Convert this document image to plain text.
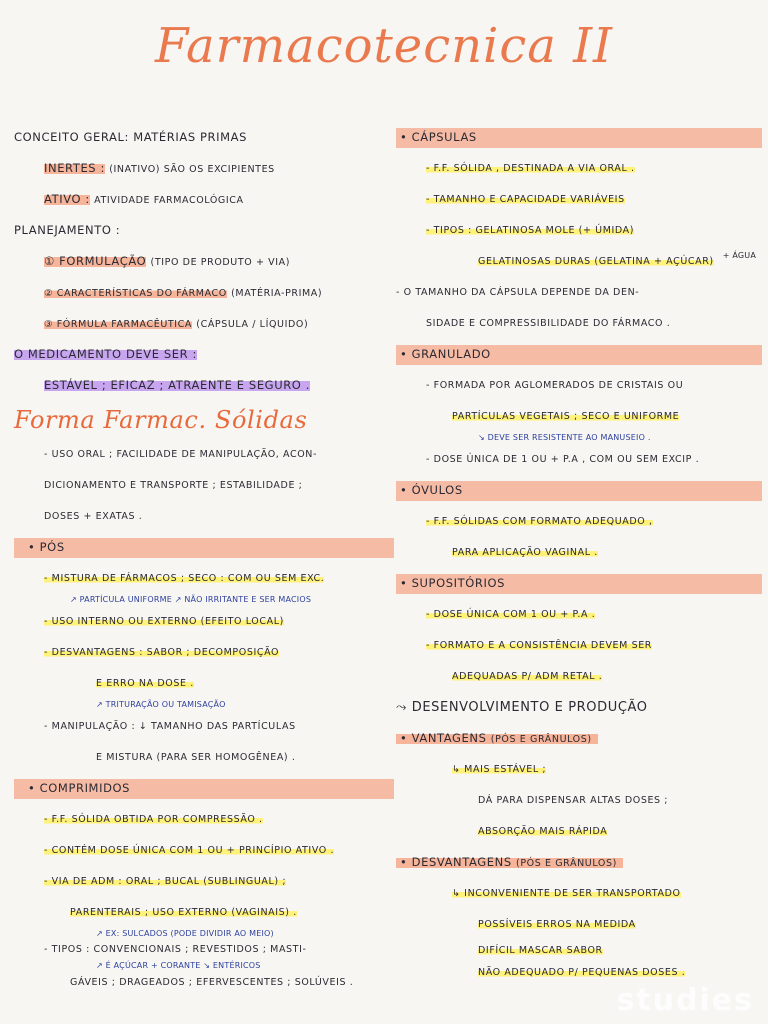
Farmacotecnica II
CONCEITO GERAL: MATÉRIAS PRIMAS
INERTES : (INATIVO) SÃO OS EXCIPIENTES
ATIVO : ATIVIDADE FARMACOLÓGICA
PLANEJAMENTO :
① FORMULAÇÃO (TIPO DE PRODUTO + VIA)
② CARACTERÍSTICAS DO FÁRMACO (MATÉRIA-PRIMA)
③ FÓRMULA FARMACÊUTICA (CÁPSULA / LÍQUIDO)
O MEDICAMENTO DEVE SER :
ESTÁVEL ; EFICAZ ; ATRAENTE E SEGURO .
Forma Farmac. Sólidas
- USO ORAL ; FACILIDADE DE MANIPULAÇÃO, ACON-
DICIONAMENTO E TRANSPORTE ; ESTABILIDADE ;
DOSES + EXATAS .
• PÓS
- MISTURA DE FÁRMACOS ; SECO : COM OU SEM EXC.
↗ PARTÍCULA UNIFORME ↗ NÃO IRRITANTE E SER MACIOS
- USO INTERNO OU EXTERNO (EFEITO LOCAL)
- DESVANTAGENS : SABOR ; DECOMPOSIÇÃO
E ERRO NA DOSE .
↗ TRITURAÇÃO OU TAMISAÇÃO
- MANIPULAÇÃO : ↓ TAMANHO DAS PARTÍCULAS
E MISTURA (PARA SER HOMOGÊNEA) .
• COMPRIMIDOS
- F.F. SÓLIDA OBTIDA POR COMPRESSÃO .
- CONTÉM DOSE ÚNICA COM 1 OU + PRINCÍPIO ATIVO .
- VIA DE ADM : ORAL ; BUCAL (SUBLINGUAL) ;
PARENTERAIS ; USO EXTERNO (VAGINAIS) .
↗ EX: SULCADOS (PODE DIVIDIR AO MEIO)
- TIPOS : CONVENCIONAIS ; REVESTIDOS ; MASTI-
↗ É AÇÚCAR + CORANTE ↘ ENTÉRICOS
GÁVEIS ; DRAGEADOS ; EFERVESCENTES ; SOLÚVEIS .
• CÁPSULAS
- F.F. SÓLIDA , DESTINADA A VIA ORAL .
- TAMANHO E CAPACIDADE VARIÁVEIS
- TIPOS : GELATINOSA MOLE (+ ÚMIDA)
GELATINOSAS DURAS (GELATINA + AÇÚCAR)
+ ÁGUA
- O TAMANHO DA CÁPSULA DEPENDE DA DEN-
SIDADE E COMPRESSIBILIDADE DO FÁRMACO .
• GRANULADO
- FORMADA POR AGLOMERADOS DE CRISTAIS OU
PARTÍCULAS VEGETAIS ; SECO E UNIFORME
↘ DEVE SER RESISTENTE AO MANUSEIO .
- DOSE ÚNICA DE 1 OU + P.A , COM OU SEM EXCIP .
• ÓVULOS
- F.F. SÓLIDAS COM FORMATO ADEQUADO ,
PARA APLICAÇÃO VAGINAL .
• SUPOSITÓRIOS
- DOSE ÚNICA COM 1 OU + P.A .
- FORMATO E A CONSISTÊNCIA DEVEM SER
ADEQUADAS P/ ADM RETAL .
⤳ DESENVOLVIMENTO E PRODUÇÃO
• VANTAGENS (PÓS E GRÂNULOS)
↳ MAIS ESTÁVEL ;
DÁ PARA DISPENSAR ALTAS DOSES ;
ABSORÇÃO MAIS RÁPIDA
• DESVANTAGENS (PÓS E GRÂNULOS)
↳ INCONVENIENTE DE SER TRANSPORTADO
POSSÍVEIS ERROS NA MEDIDA
DIFÍCIL MASCAR SABOR
NÃO ADEQUADO P/ PEQUENAS DOSES .
studies
